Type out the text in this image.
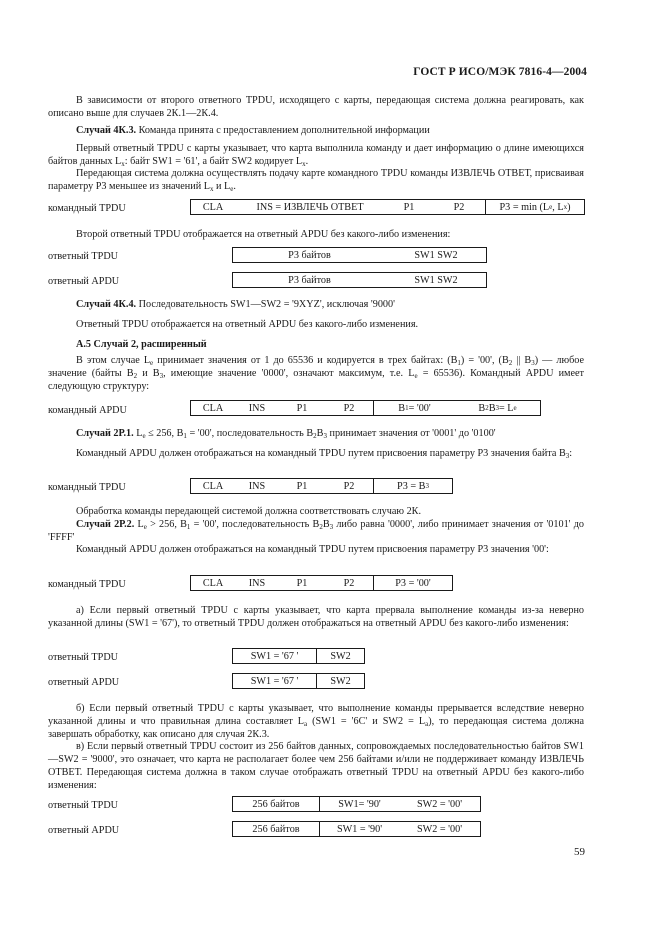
ГОСТ Р ИСО/МЭК 7816-4—2004
В зависимости от второго ответного TPDU, исходящего с карты, передающая система должна реагировать, как описано выше для случаев 2К.1—2К.4.
Случай 4К.3. Команда принята с предоставлением дополнительной информации
Первый ответный TPDU с карты указывает, что карта выполнила команду и дает информацию о длине имеющихся байтов данных $L_x$: байт SW1 = '61', а байт SW2 кодирует $L_x$.
Передающая система должна осуществлять подачу карте командного TPDU команды ИЗВЛЕЧЬ ОТВЕТ, присваивая параметру Р3 меньшее из значений $L_x$ и $L_e$.
командный TPDU	CLA	INS = ИЗВЛЕЧЬ ОТВЕТ	P1	P2	P3 = min (L e , L x )
Второй ответный TPDU отображается на ответный APDU без какого-либо изменения:
ответный TPDU	Р3 байтов	SW1 SW2
ответный APDU	Р3 байтов	SW1 SW2
Случай 4К.4. Последовательность SW1—SW2 = '9XYZ', исключая '9000'
Ответный TPDU отображается на ответный APDU без какого-либо изменения.
А.5 Случай 2, расширенный
В этом случае $L_e$ принимает значения от 1 до 65536 и кодируется в трех байтах: $(B_1)$ = '00', ($B_2$ || $B_3$) — любое значение (байты $B_2$ и $B_3$, имеющие значение '0000', означают максимум, т.е. $L_e = 65536$). Командный APDU имеет следующую структуру:
командный APDU	CLA	INS	P1	P2	B 1 = '00'	B 2 B 3 = L e
Случай 2Р.1. $L_e \le 256$, $B_1$ = '00', последовательность $B_2B_3$ принимает значения от '0001' до '0100'
Командный APDU должен отображаться на командный TPDU путем присвоения параметру Р3 значения байта $B_3$:
командный TPDU	CLA	INS	P1	P2	P3 = B 3
Обработка команды передающей системой должна соответствовать случаю 2К.
Случай 2Р.2. $L_e > 256$, $B_1$ = '00', последовательность $B_2B_3$ либо равна '0000', либо принимает значения от '0101' до 'FFFF'
Командный APDU должен отображаться на командный TPDU путем присвоения параметру Р3 значения '00':
командный TPDU	CLA	INS	P1	P2	P3 = '00'
а) Если первый ответный TPDU с карты указывает, что карта прервала выполнение команды из-за неверно указанной длины (SW1 = '67'), то ответный TPDU должен отображаться на ответный APDU без какого-либо изменения:
ответный TPDU	SW1 = '67 '	SW2
ответный APDU	SW1 = '67 '	SW2
б) Если первый ответный TPDU с карты указывает, что выполнение команды прерывается вследствие неверно указанной длины и что правильная длина составляет $L_a$ (SW1 = '6C' и $SW2 = L_a$), то передающая система должна завершать обработку, как описано для случая 2К.3.
в) Если первый ответный TPDU состоит из 256 байтов данных, сопровождаемых последовательностью байтов SW1—SW2 = '9000', это означает, что карта не располагает более чем 256 байтами и/или не поддерживает команду ИЗВЛЕЧЬ ОТВЕТ. Передающая система должна в таком случае отображать ответный TPDU на ответный APDU без какого-либо изменения:
ответный TPDU	256 байтов	SW1= '90'	SW2 = '00'
ответный APDU	256 байтов	SW1 = '90'	SW2 = '00'
59
